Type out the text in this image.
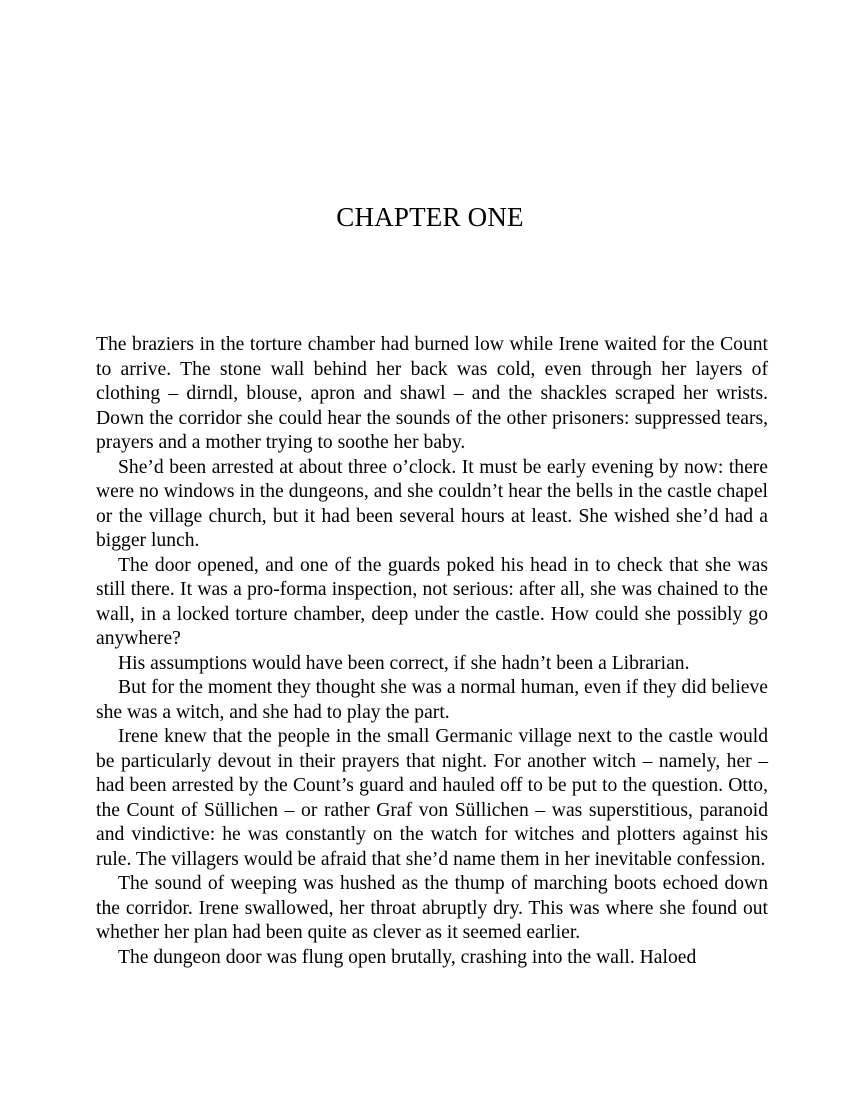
CHAPTER ONE

The braziers in the torture chamber had burned low while Irene waited for the Count to arrive. The stone wall behind her back was cold, even through her layers of clothing – dirndl, blouse, apron and shawl – and the shackles scraped her wrists. Down the corridor she could hear the sounds of the other prisoners: suppressed tears, prayers and a mother trying to soothe her baby.

She’d been arrested at about three o’clock. It must be early evening by now: there were no windows in the dungeons, and she couldn’t hear the bells in the castle chapel or the village church, but it had been several hours at least. She wished she’d had a bigger lunch.

The door opened, and one of the guards poked his head in to check that she was still there. It was a pro-forma inspection, not serious: after all, she was chained to the wall, in a locked torture chamber, deep under the castle. How could she possibly go anywhere?

His assumptions would have been correct, if she hadn’t been a Librarian.

But for the moment they thought she was a normal human, even if they did believe she was a witch, and she had to play the part.

Irene knew that the people in the small Germanic village next to the castle would be particularly devout in their prayers that night. For another witch – namely, her – had been arrested by the Count’s guard and hauled off to be put to the question. Otto, the Count of Süllichen – or rather Graf von Süllichen – was superstitious, paranoid and vindictive: he was constantly on the watch for witches and plotters against his rule. The villagers would be afraid that she’d name them in her inevitable confession.

The sound of weeping was hushed as the thump of marching boots echoed down the corridor. Irene swallowed, her throat abruptly dry. This was where she found out whether her plan had been quite as clever as it seemed earlier.

The dungeon door was flung open brutally, crashing into the wall. Haloed
